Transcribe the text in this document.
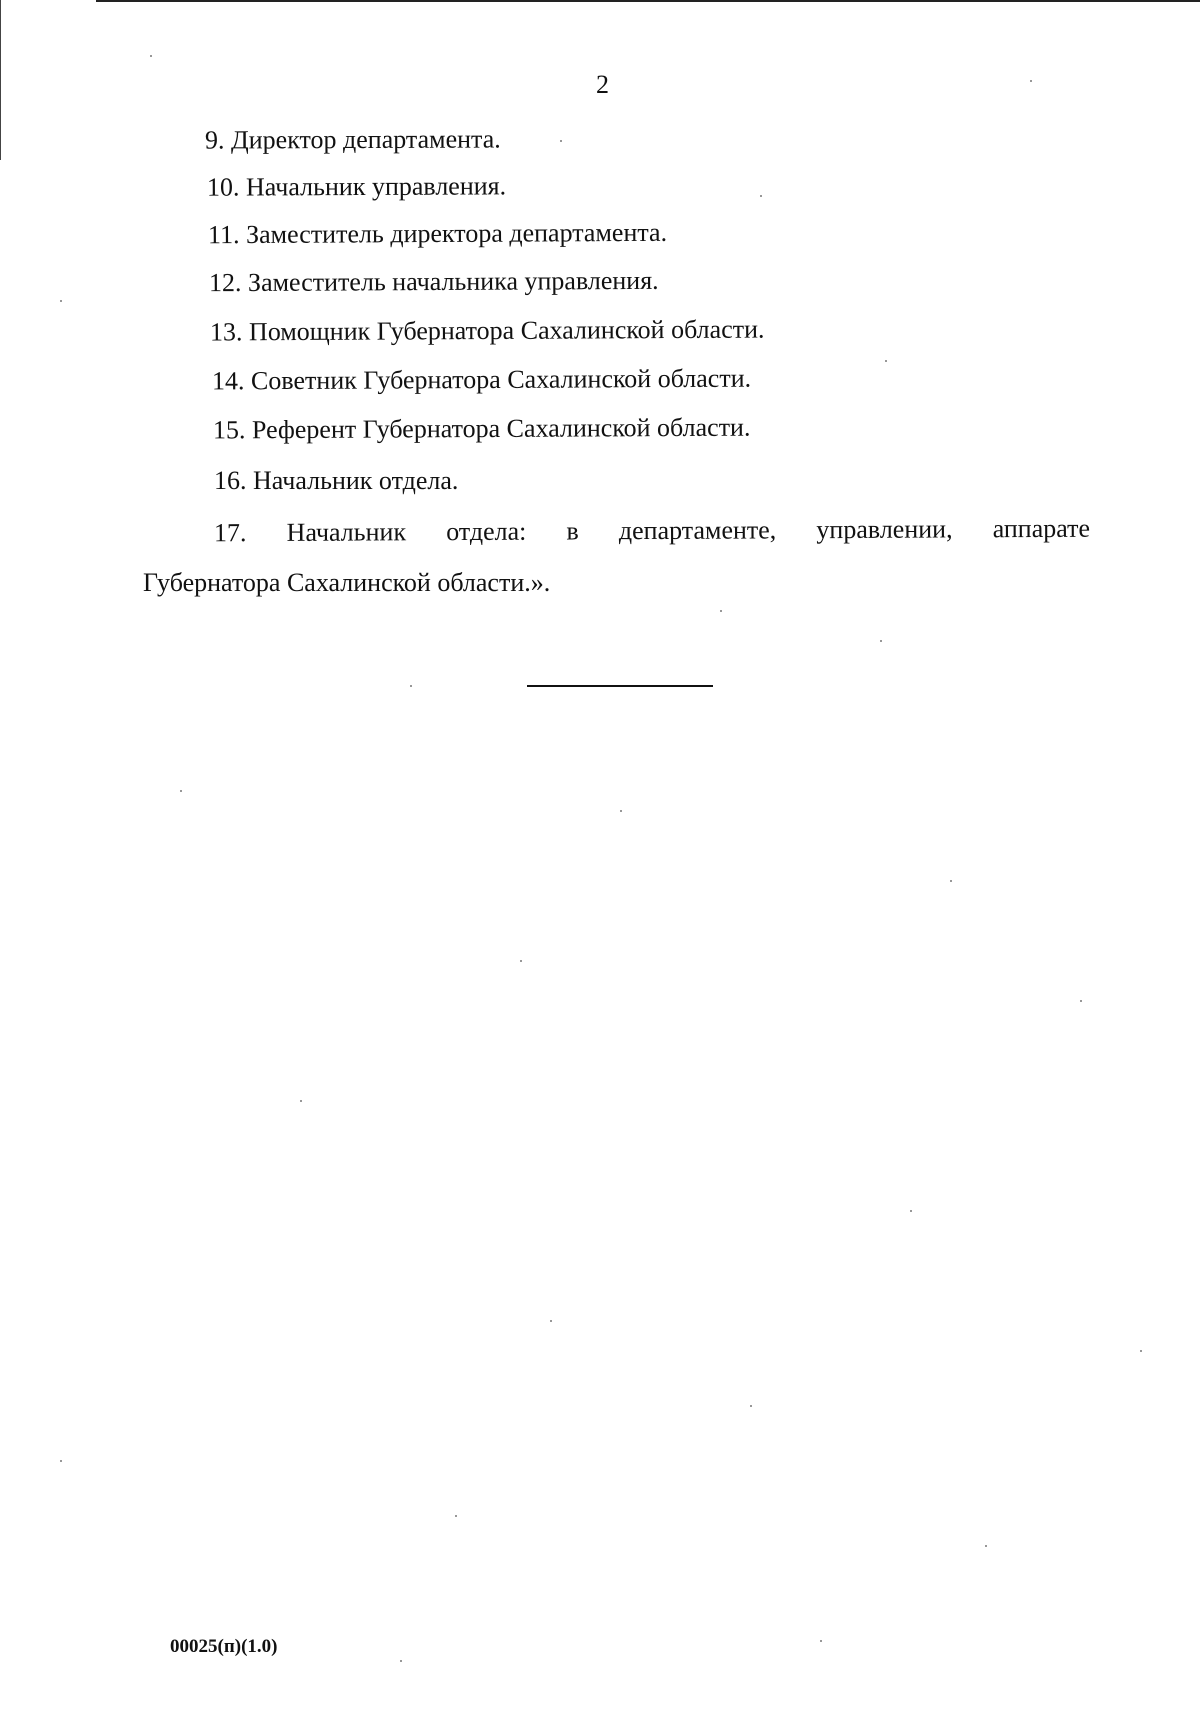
2
9. Директор департамента.
10. Начальник управления.
11. Заместитель директора департамента.
12. Заместитель начальника управления.
13. Помощник Губернатора Сахалинской области.
14. Советник Губернатора Сахалинской области.
15. Референт Губернатора Сахалинской области.
16. Начальник отдела.
17. Начальник отдела: в департаменте, управлении, аппарате
Губернатора Сахалинской области.».
00025(п)(1.0)
